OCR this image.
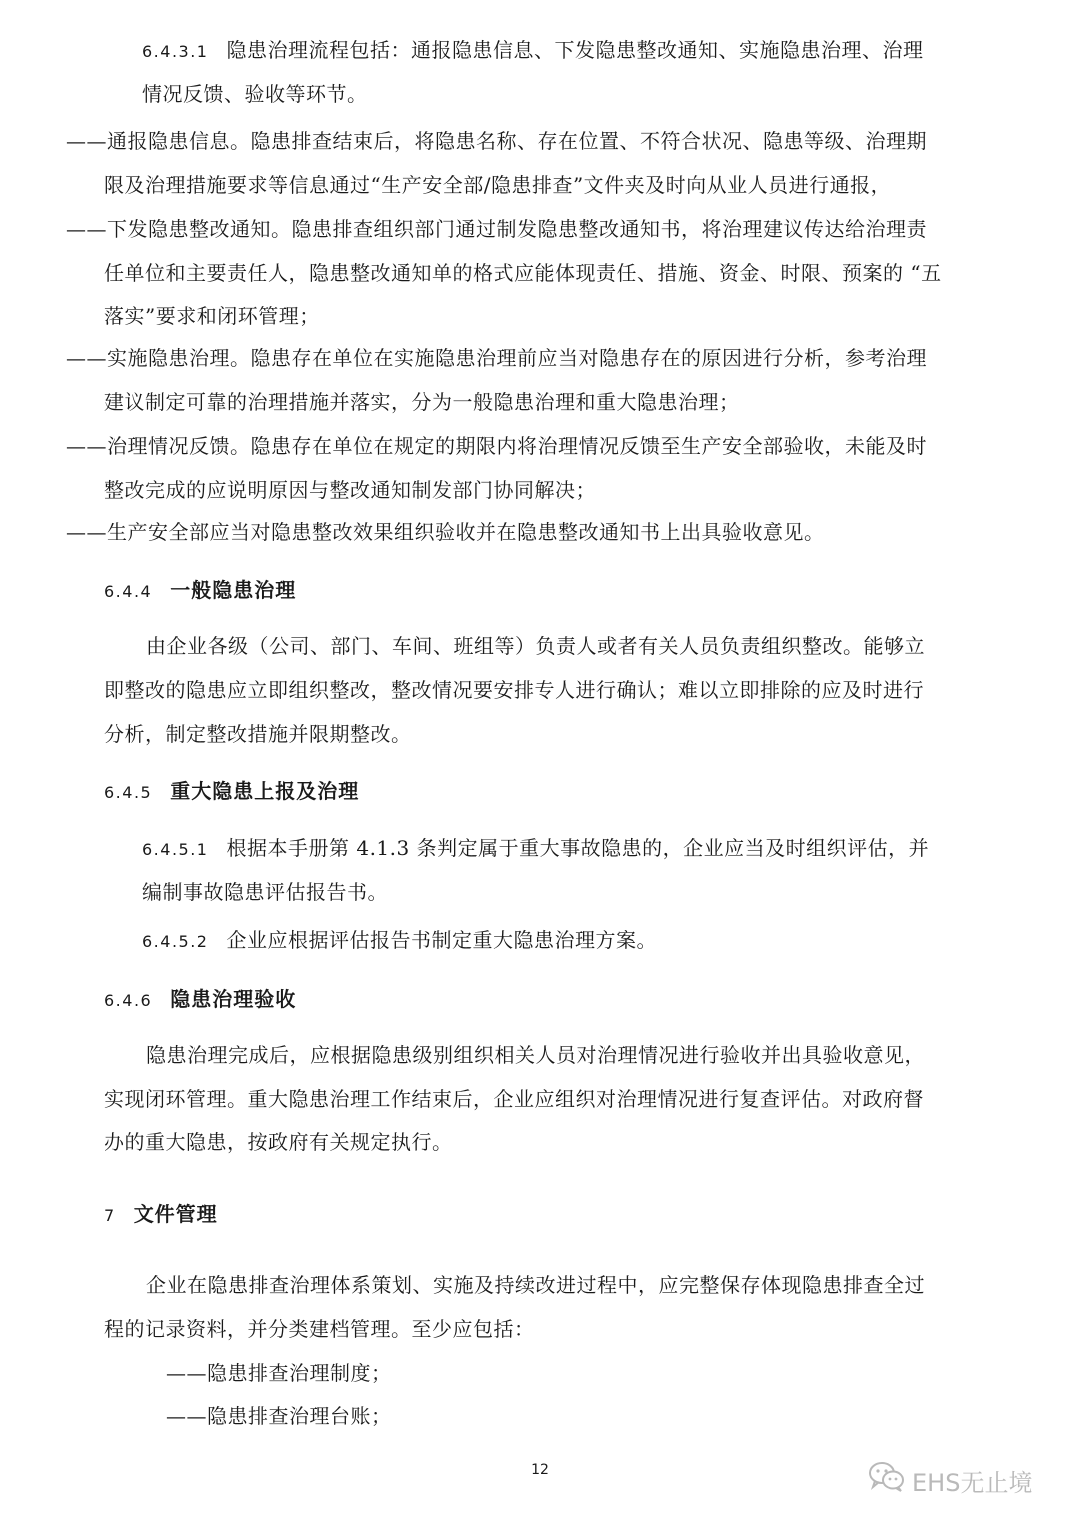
6.4.3.1 隐患治理流程包括：通报隐患信息、下发隐患整改通知、实施隐患治理、治理
情况反馈、验收等环节。
——通报隐患信息。隐患排查结束后，将隐患名称、存在位置、不符合状况、隐患等级、治理期
限及治理措施要求等信息通过“生产安全部/隐患排查”文件夹及时向从业人员进行通报，
——下发隐患整改通知。隐患排查组织部门通过制发隐患整改通知书，将治理建议传达给治理责
任单位和主要责任人，隐患整改通知单的格式应能体现责任、措施、资金、时限、预案的 “五
落实”要求和闭环管理；
——实施隐患治理。隐患存在单位在实施隐患治理前应当对隐患存在的原因进行分析，参考治理
建议制定可靠的治理措施并落实，分为一般隐患治理和重大隐患治理；
——治理情况反馈。隐患存在单位在规定的期限内将治理情况反馈至生产安全部验收，未能及时
整改完成的应说明原因与整改通知制发部门协同解决；
——生产安全部应当对隐患整改效果组织验收并在隐患整改通知书上出具验收意见。
6.4.4 一般隐患治理
由企业各级（公司、部门、车间、班组等）负责人或者有关人员负责组织整改。能够立
即整改的隐患应立即组织整改，整改情况要安排专人进行确认；难以立即排除的应及时进行
分析，制定整改措施并限期整改。
6.4.5 重大隐患上报及治理
6.4.5.1 根据本手册第 4.1.3 条判定属于重大事故隐患的，企业应当及时组织评估，并
编制事故隐患评估报告书。
6.4.5.2 企业应根据评估报告书制定重大隐患治理方案。
6.4.6 隐患治理验收
隐患治理完成后，应根据隐患级别组织相关人员对治理情况进行验收并出具验收意见，
实现闭环管理。重大隐患治理工作结束后，企业应组织对治理情况进行复查评估。对政府督
办的重大隐患，按政府有关规定执行。
7 文件管理
企业在隐患排查治理体系策划、实施及持续改进过程中，应完整保存体现隐患排查全过
程的记录资料，并分类建档管理。至少应包括：
——隐患排查治理制度；
——隐患排查治理台账；
12	EHS无止境
